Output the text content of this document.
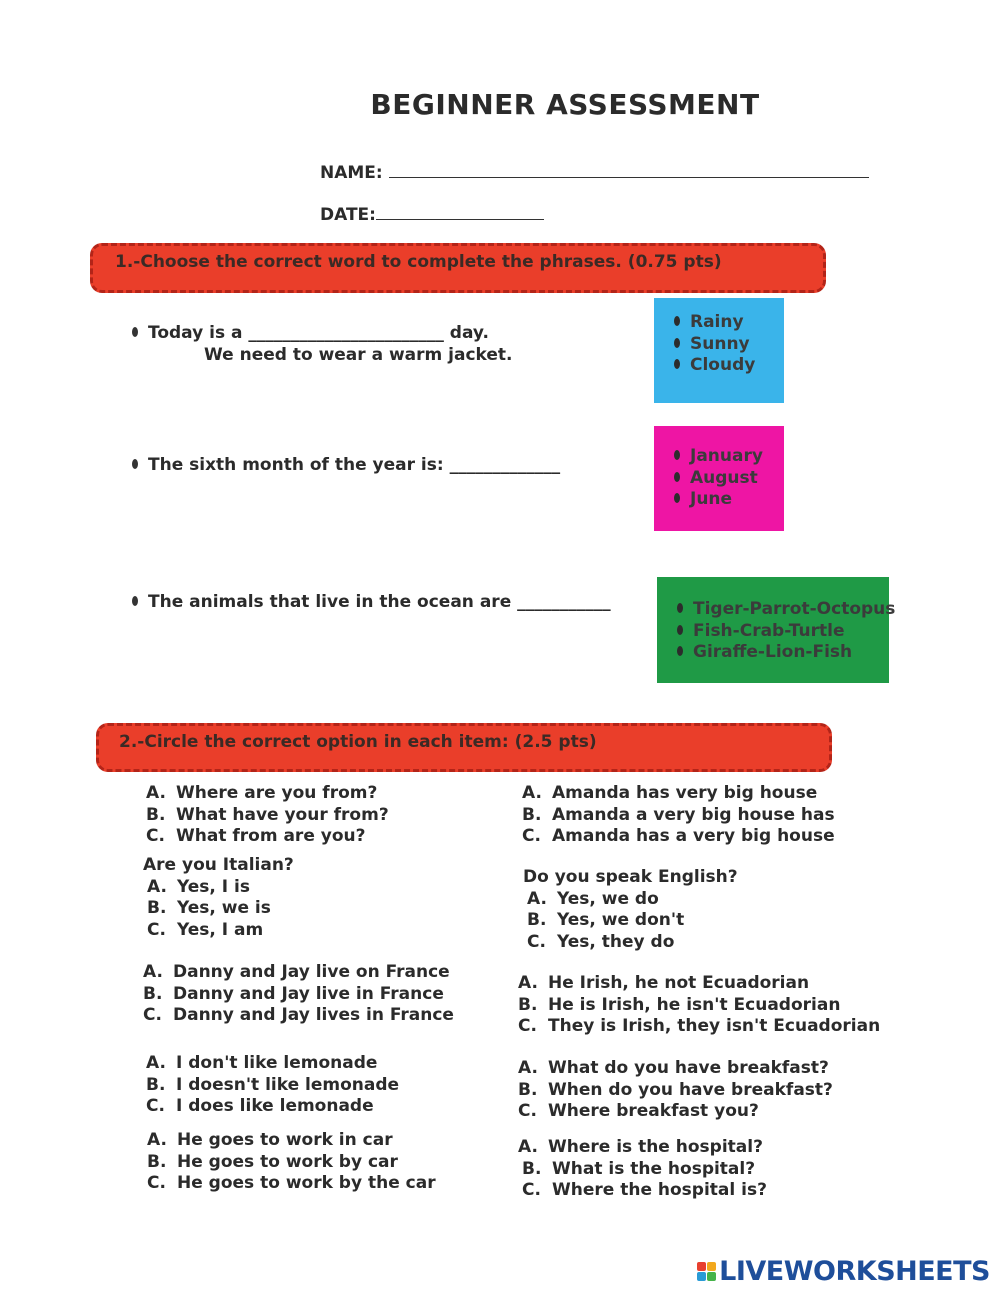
BEGINNER ASSESSMENT
NAME:
DATE:
1.-Choose the correct word to complete the phrases. (0.75 pts)
Today is a _______________________ day.
We need to wear a warm jacket.
Rainy
Sunny
Cloudy
The sixth month of the year is: _____________	January
August
June
The animals that live in the ocean are ___________	Tiger-Parrot-Octopus
Fish-Crab-Turtle
Giraffe-Lion-Fish
2.-Circle the correct option in each item: (2.5 pts)
A. Where are you from?
B. What have your from?
C. What from are you?
Are you Italian?
A. Yes, I is
B. Yes, we is
C. Yes, I am
A. Danny and Jay live on France
B. Danny and Jay live in France
C. Danny and Jay lives in France
A. I don't like lemonade
B. I doesn't like lemonade
C. I does like lemonade
A. He goes to work in car
B. He goes to work by car
C. He goes to work by the car
A. Amanda has very big house
B. Amanda a very big house has
C. Amanda has a very big house
Do you speak English?
A. Yes, we do
B. Yes, we don't
C. Yes, they do
A. He Irish, he not Ecuadorian
B. He is Irish, he isn't Ecuadorian
C. They is Irish, they isn't Ecuadorian
A. What do you have breakfast?
B. When do you have breakfast?
C. Where breakfast you?
A. Where is the hospital?
B. What is the hospital?
C. Where the hospital is?
LIVEWORKSHEETS
